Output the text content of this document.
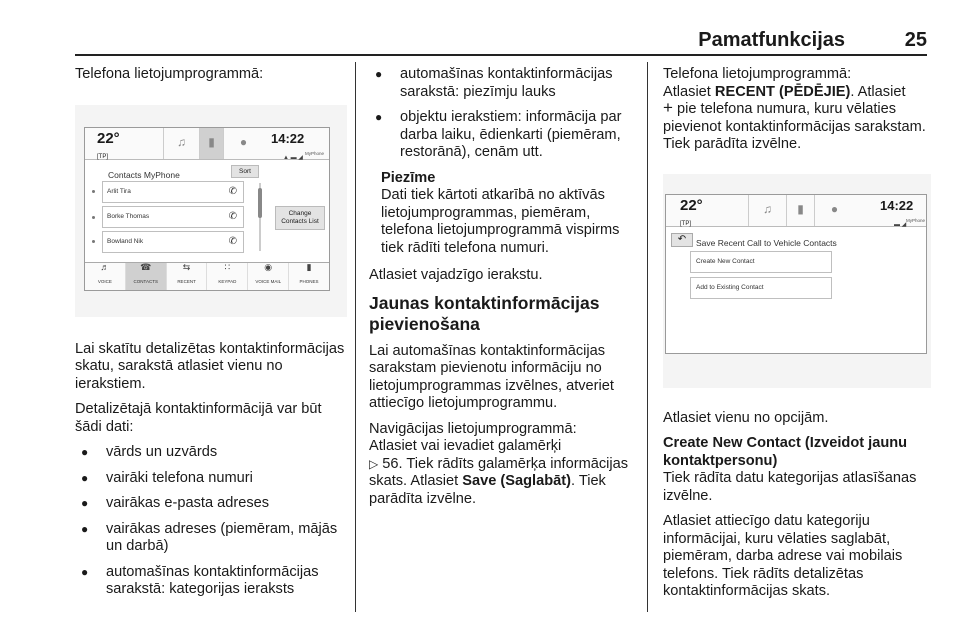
Pamatfunkcijas	25

Telefona lietojumprogrammā:

22°
[TP]
♫ ▮ ● 14:22
MyPhone
▲ ▬ ◢
Contacts MyPhone	Sort
Arlit Tira	✆
Borke Thomas	✆
Bowland Nik	✆
Change Contacts List
♬
VOICE
☎
CONTACTS
⇆
RECENT
∷
KEYPAD
◉
VOICE MAIL
▮
PHONES

Lai skatītu detalizētas kontaktinformācijas skatu, sarakstā atlasiet vienu no ierakstiem.

Detalizētajā kontaktinformācijā var būt šādi dati:

● vārds un uzvārds
● vairāki telefona numuri
● vairākas e-pasta adreses
● vairākas adreses (piemēram, mājās un darbā)
● automašīnas kontaktinformācijas sarakstā: kategorijas ieraksts
● automašīnas kontaktinformācijas sarakstā: piezīmju lauks
● objektu ierakstiem: informācija par darba laiku, ēdienkarti (piemēram, restorānā), cenām utt.
Piezīme
Dati tiek kārtoti atkarībā no aktīvās lietojumprogrammas, piemēram, telefona lietojumprogrammā vispirms tiek rādīti telefona numuri.

Atlasiet vajadzīgo ierakstu.

Jaunas kontaktinformācijas pievienošana

Lai automašīnas kontaktinformācijas sarakstam pievienotu informāciju no lietojumprogrammas izvēlnes, atveriet attiecīgo lietojumprogrammu.

Navigācijas lietojumprogrammā:
Atlasiet vai ievadiet galamērķi
▷ 56. Tiek rādīts galamērķa informācijas skats. Atlasiet Save (Saglabāt). Tiek parādīta izvēlne.

Telefona lietojumprogrammā:
Atlasiet RECENT (PĒDĒJIE). Atlasiet
+ pie telefona numura, kuru vēlaties pievienot kontaktinformācijas sarakstam. Tiek parādīta izvēlne.

22°
[TP]
♫ ▮ ●	14:22
MyPhone
▬ ◢
↶	Save Recent Call to Vehicle Contacts
Create New Contact
Add to Existing Contact

Atlasiet vienu no opcijām.

Create New Contact (Izveidot jaunu kontaktpersonu)

Tiek rādīta datu kategorijas atlasīšanas izvēlne.

Atlasiet attiecīgo datu kategoriju informācijai, kuru vēlaties saglabāt, piemēram, darba adrese vai mobilais telefons. Tiek rādīts detalizētas kontaktinformācijas skats.
